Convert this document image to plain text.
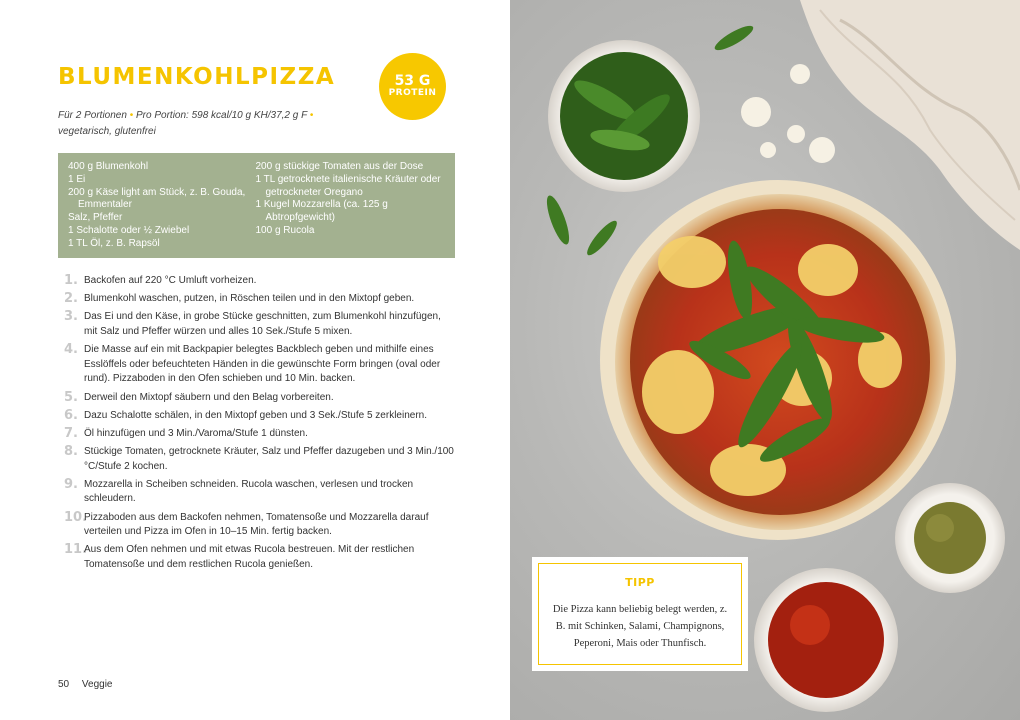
BLUMENKOHLPIZZA	53 G
PROTEIN
Für 2 Portionen • Pro Portion: 598 kcal/10 g KH/37,2 g F •
vegetarisch, glutenfrei
400 g Blumenkohl
1 Ei
200 g Käse light am Stück, z. B. Gouda, Emmentaler
Salz, Pfeffer
1 Schalotte oder ½ Zwiebel
1 TL Öl, z. B. Rapsöl
200 g stückige Tomaten aus der Dose
1 TL getrocknete italienische Kräuter oder getrockneter Oregano
1 Kugel Mozzarella (ca. 125 g Abtropfgewicht)
100 g Rucola
1. Backofen auf 220 °C Umluft vorheizen.
2. Blumenkohl waschen, putzen, in Röschen teilen und in den Mixtopf geben.
3. Das Ei und den Käse, in grobe Stücke geschnitten, zum Blumenkohl hinzufügen, mit Salz und Pfeffer würzen und alles 10 Sek./Stufe 5 mixen.
4. Die Masse auf ein mit Backpapier belegtes Backblech geben und mithilfe eines Esslöffels oder befeuchteten Händen in die gewünschte Form bringen (oval oder rund). Pizzaboden in den Ofen schieben und 10 Min. backen.
5. Derweil den Mixtopf säubern und den Belag vorbereiten.
6. Dazu Schalotte schälen, in den Mixtopf geben und 3 Sek./Stufe 5 zerkleinern.
7. Öl hinzufügen und 3 Min./Varoma/Stufe 1 dünsten.
8. Stückige Tomaten, getrocknete Kräuter, Salz und Pfeffer dazugeben und 3 Min./100 °C/Stufe 2 kochen.
9. Mozzarella in Scheiben schneiden. Rucola waschen, verlesen und trocken schleudern.
10.
Pizzaboden aus dem Backofen nehmen, Tomatensoße und Mozzarella darauf verteilen und Pizza im Ofen in 10–15 Min. fertig backen.
11.
Aus dem Ofen nehmen und mit etwas Rucola bestreuen. Mit der restlichen Tomatensoße und dem restlichen Rucola genießen.
50 Veggie
TIPP
Die Pizza kann beliebig belegt werden, z. B. mit Schinken, Salami, Champignons, Peperoni, Mais oder Thunfisch.
